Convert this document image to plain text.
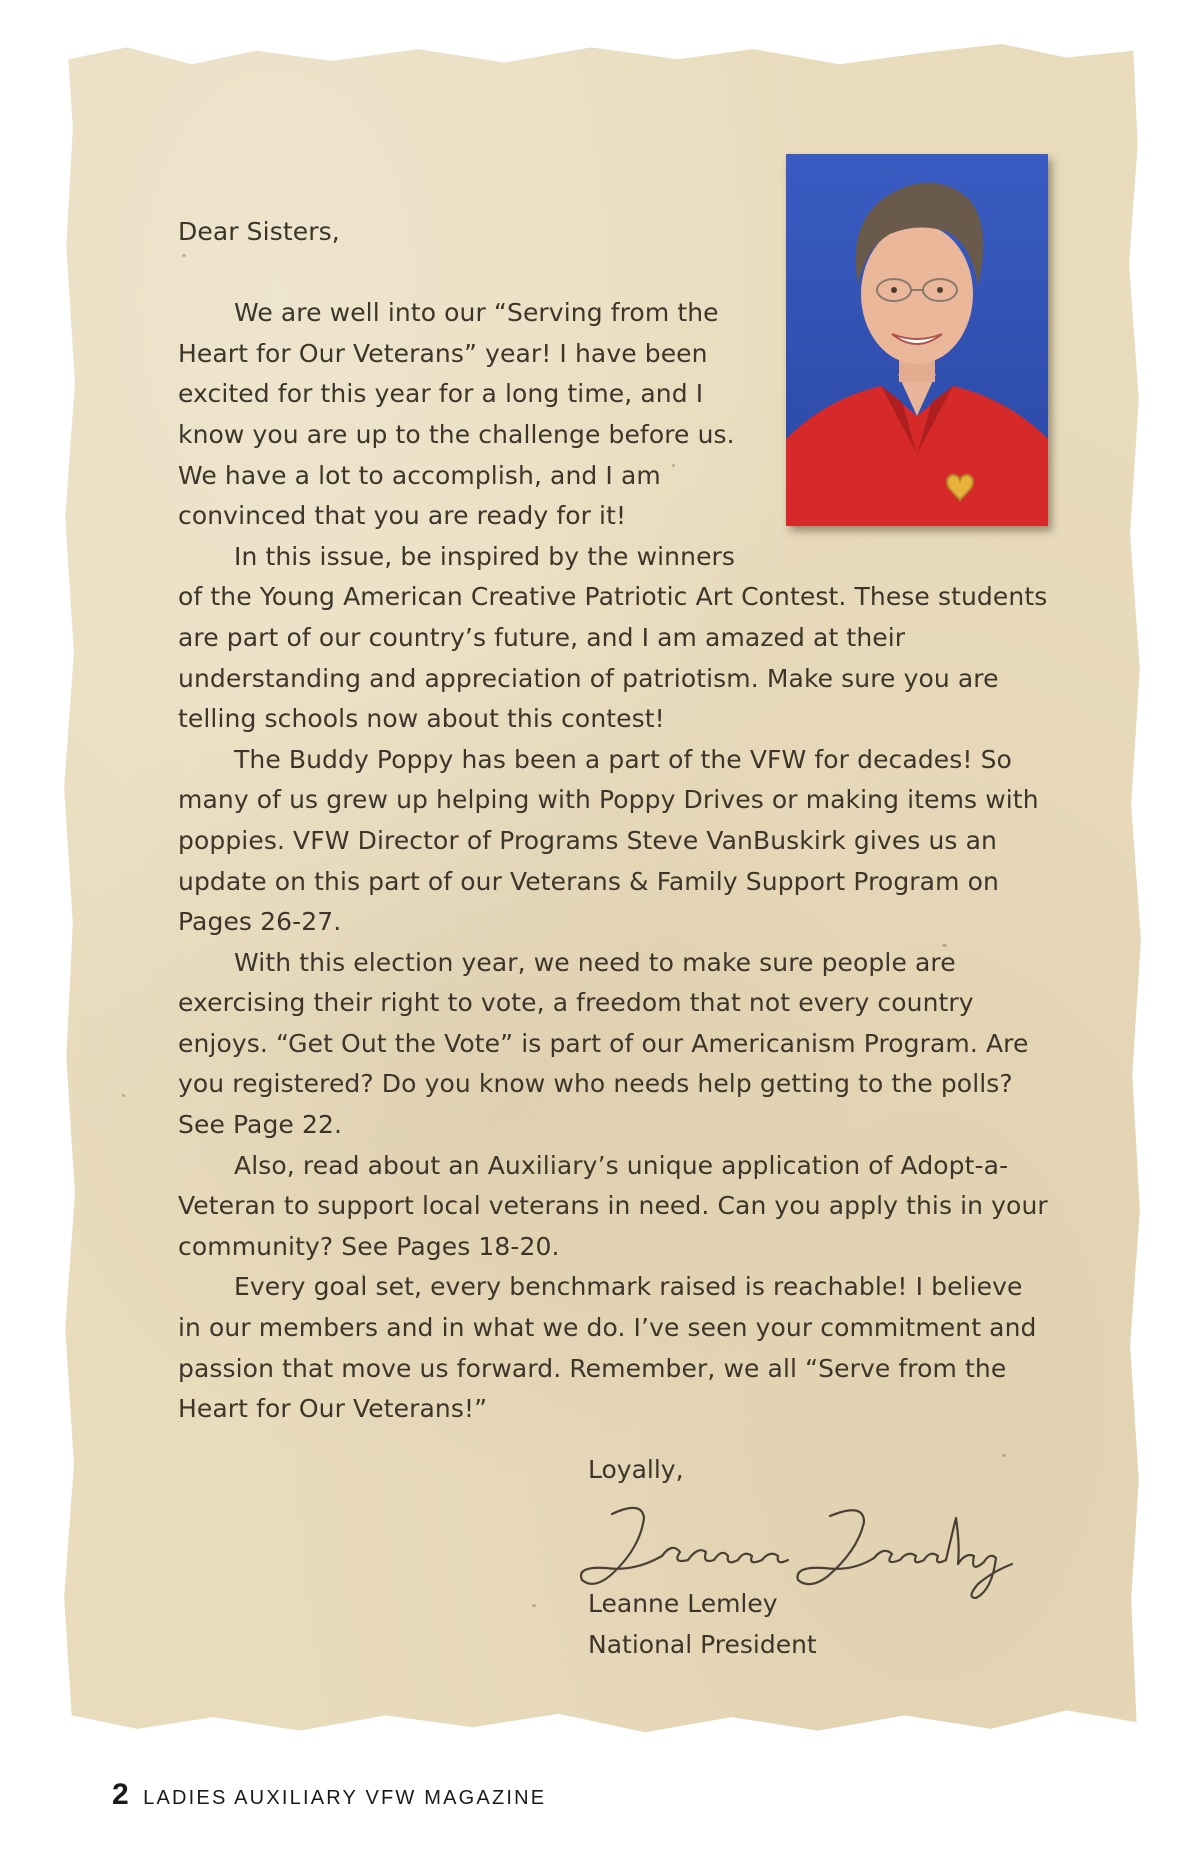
Dear Sisters,

We are well into our “Serving from the Heart for Our Veterans” year! I have been excited for this year for a long time, and I know you are up to the challenge before us. We have a lot to accomplish, and I am convinced that you are ready for it!

In this issue, be inspired by the winners of the Young American Creative Patriotic Art Contest. These students are part of our country’s future, and I am amazed at their understanding and appreciation of patriotism. Make sure you are telling schools now about this contest!

The Buddy Poppy has been a part of the VFW for decades! So many of us grew up helping with Poppy Drives or making items with poppies. VFW Director of Programs Steve VanBuskirk gives us an update on this part of our Veterans & Family Support Program on Pages 26-27.

With this election year, we need to make sure people are exercising their right to vote, a freedom that not every country enjoys. “Get Out the Vote” is part of our Americanism Program. Are you registered? Do you know who needs help getting to the polls? See Page 22.

Also, read about an Auxiliary’s unique application of Adopt-a-Veteran to support local veterans in need. Can you apply this in your community? See Pages 18-20.

Every goal set, every benchmark raised is reachable! I believe in our members and in what we do. I’ve seen your commitment and passion that move us forward. Remember, we all “Serve from the Heart for Our Veterans!”

Loyally,
Leanne Lemley
National President
2 LADIES AUXILIARY VFW MAGAZINE
